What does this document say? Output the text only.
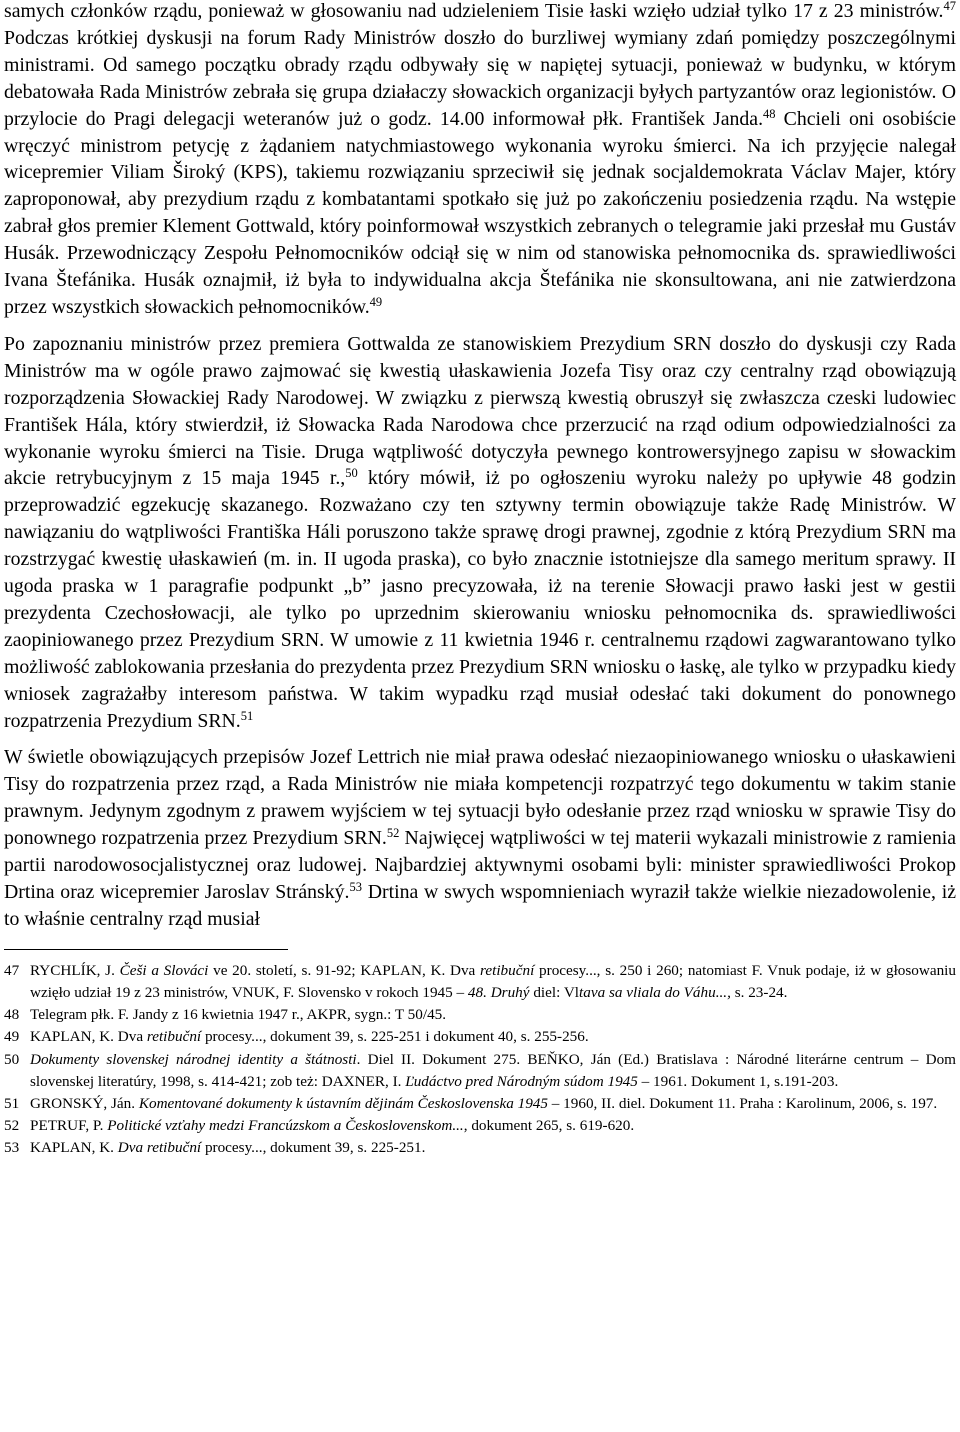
samych członków rządu, ponieważ w głosowaniu nad udzieleniem Tisie łaski wzięło udział tylko 17 z 23 ministrów.$^{47}$ Podczas krótkiej dyskusji na forum Rady Ministrów doszło do burzliwej wymiany zdań pomiędzy poszczególnymi ministrami. Od samego początku obrady rządu odbywały się w napiętej sytuacji, ponieważ w budynku, w którym debatowała Rada Ministrów zebrała się grupa działaczy słowackich organizacji byłych partyzantów oraz legionistów. O przylocie do Pragi delegacji weteranów już o godz. 14.00 informował płk. František Janda.$^{48}$ Chcieli oni osobiście wręczyć ministrom petycję z żądaniem natychmiastowego wykonania wyroku śmierci. Na ich przyjęcie nalegał wicepremier Viliam Široký (KPS), takiemu rozwiązaniu sprzeciwił się jednak socjaldemokrata Václav Majer, który zaproponował, aby prezydium rządu z kombatantami spotkało się już po zakończeniu posiedzenia rządu. Na wstępie zabrał głos premier Klement Gottwald, który poinformował wszystkich zebranych o telegramie jaki przesłał mu Gustáv Husák. Przewodniczący Zespołu Pełnomocników odciął się w nim od stanowiska pełnomocnika ds. sprawiedliwości Ivana Štefánika. Husák oznajmił, iż była to indywidualna akcja Štefánika nie skonsultowana, ani nie zatwierdzona przez wszystkich słowackich pełnomocników.$^{49}$

Po zapoznaniu ministrów przez premiera Gottwalda ze stanowiskiem Prezydium SRN doszło do dyskusji czy Rada Ministrów ma w ogóle prawo zajmować się kwestią ułaskawienia Jozefa Tisy oraz czy centralny rząd obowiązują rozporządzenia Słowackiej Rady Narodowej. W związku z pierwszą kwestią obruszył się zwłaszcza czeski ludowiec František Hála, który stwierdził, iż Słowacka Rada Narodowa chce przerzucić na rząd odium odpowiedzialności za wykonanie wyroku śmierci na Tisie. Druga wątpliwość dotyczyła pewnego kontrowersyjnego zapisu w słowackim akcie retrybucyjnym z 15 maja 1945 r.,$^{50}$ który mówił, iż po ogłoszeniu wyroku należy po upływie 48 godzin przeprowadzić egzekucję skazanego. Rozważano czy ten sztywny termin obowiązuje także Radę Ministrów. W nawiązaniu do wątpliwości Františka Háli poruszono także sprawę drogi prawnej, zgodnie z którą Prezydium SRN ma rozstrzygać kwestię ułaskawień (m. in. II ugoda praska), co było znacznie istotniejsze dla samego meritum sprawy. II ugoda praska w 1 paragrafie podpunkt „b” jasno precyzowała, iż na terenie Słowacji prawo łaski jest w gestii prezydenta Czechosłowacji, ale tylko po uprzednim skierowaniu wniosku pełnomocnika ds. sprawiedliwości zaopiniowanego przez Prezydium SRN. W umowie z 11 kwietnia 1946 r. centralnemu rządowi zagwarantowano tylko możliwość zablokowania przesłania do prezydenta przez Prezydium SRN wniosku o łaskę, ale tylko w przypadku kiedy wniosek zagrażałby interesom państwa. W takim wypadku rząd musiał odesłać taki dokument do ponownego rozpatrzenia Prezydium SRN.$^{51}$

W świetle obowiązujących przepisów Jozef Lettrich nie miał prawa odesłać niezaopiniowanego wniosku o ułaskawieni Tisy do rozpatrzenia przez rząd, a Rada Ministrów nie miała kompetencji rozpatrzyć tego dokumentu w takim stanie prawnym. Jedynym zgodnym z prawem wyjściem w tej sytuacji było odesłanie przez rząd wniosku w sprawie Tisy do ponownego rozpatrzenia przez Prezydium SRN.$^{52}$ Najwięcej wątpliwości w tej materii wykazali ministrowie z ramienia partii narodowosocjalistycznej oraz ludowej. Najbardziej aktywnymi osobami byli: minister sprawiedliwości Prokop Drtina oraz wicepremier Jaroslav Stránský.$^{53}$ Drtina w swych wspomnieniach wyraził także wielkie niezadowolenie, iż to właśnie centralny rząd musiał

47 RYCHLÍK, J. Češi a Slováci ve 20. století, s. 91-92; KAPLAN, K. Dva retibuční procesy..., s. 250 i 260; natomiast F. Vnuk podaje, iż w głosowaniu wzięło udział 19 z 23 ministrów, VNUK, F. Slovensko v rokoch 1945 – 48. Druhý diel: Vltava sa vliala do Váhu..., s. 23-24.
48 Telegram płk. F. Jandy z 16 kwietnia 1947 r., AKPR, sygn.: T 50/45.
49 KAPLAN, K. Dva retibuční procesy..., dokument 39, s. 225-251 i dokument 40, s. 255-256.
50 Dokumenty slovenskej národnej identity a štátnosti. Diel II. Dokument 275. BEŇKO, Ján (Ed.) Bratislava : Národné literárne centrum – Dom slovenskej literatúry, 1998, s. 414-421; zob też: DAXNER, I. Ľudáctvo pred Národným súdom 1945 – 1961. Dokument 1, s.191-203.
51 GRONSKÝ, Ján. Komentované dokumenty k ústavním dějinám Československa 1945 – 1960, II. diel. Dokument 11. Praha : Karolinum, 2006, s. 197.
52 PETRUF, P. Politické vzťahy medzi Francúzskom a Československom..., dokument 265, s. 619-620.
53 KAPLAN, K. Dva retibuční procesy..., dokument 39, s. 225-251.
